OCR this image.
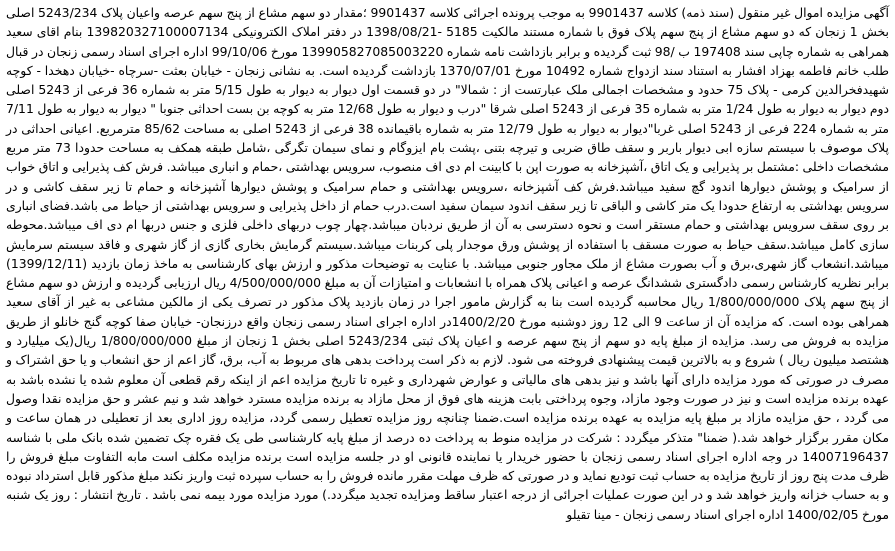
آگهی مزایده اموال غیر منقول (سند ذمه) کلاسه 9901437 به موجب پرونده اجرائی کلاسه 9901437 ؛مقدار دو سهم مشاع از پنج سهم عرصه واعیان پلاک 5243/234 اصلی بخش 1 زنجان که دو سهم مشاع از پنج سهم پلاک فوق با شماره مستند مالکیت 5185 -1398/08/21 در دفتر املاک الکترونیکی 139820327100007134 بنام اقای سعید همراهی به شماره چاپی سند 197408 ب /98 ثبت گردیده و برابر بازداشت نامه شماره 139905827085003220 مورخ 99/10/06 اداره اجرای اسناد رسمی زنجان در قبال طلب خانم فاطمه بهزاد افشار به استناد سند ازدواج شماره 10492 مورخ 1370/07/01 بازداشت گردیده است. به نشانی زنجان - خیابان بعثت -سرچاه -خیابان دهخدا - کوچه شهیدفخرالدین کرمی - پلاک 75 حدود و مشخصات اجمالی ملک عبارتست از : شمالا" در دو قسمت اول دیوار به دیوار به طول 5/15 متر به شماره 36 فرعی از 5243 اصلی دوم دیوار به دیوار به طول 1/24 متر به شماره 35 فرعی از 5243 اصلی شرقا "درب و دیوار به طول 12/68 متر به کوچه بن بست احداثی جنوبا " دیوار به دیوار به طول 7/11 متر به شماره 224 فرعی از 5243 اصلی غربا"دیوار به دیوار به طول 12/79 متر به شماره باقیمانده 38 فرعی از 5243 اصلی به مساحت 85/62 مترمربع. اعیانی احداثی در پلاک موصوف با سیستم سازه ابی دیوار باربر و سقف طاق ضربی و تیرچه بتنی ،پشت بام ایزوگام و نمای سیمان تگرگی ،شامل طبقه همکف به مساحت حدودا 73 متر مربع مشخصات داخلی :مشتمل بر پذیرایی و یک اتاق ،آشپزخانه به صورت اپن با کابینت ام دی اف منصوب، سرویس بهداشتی ،حمام و انباری میباشد. فرش کف پذیرایی و اتاق خواب از سرامیک و پوشش دیوارها اندود گچ سفید میباشد.فرش کف آشپزخانه ،سرویس بهداشتی و حمام سرامیک و پوشش دیوارها آشپزخانه و حمام تا زیر سقف کاشی و در سرویس بهداشتی به ارتفاع حدودا یک متر کاشی و الباقی تا زیر سقف اندود سیمان سفید است.درب حمام از داخل پذیرایی و سرویس بهداشتی از حیاط می باشد.فضای انباری بر روی سقف سرویس بهداشتی و حمام مستقر است و نحوه دسترسی به آن از طریق نردبان میباشد.چهار چوب دربهای داخلی فلزی و جنس دربها ام دی اف میباشد.محوطه سازی کامل میباشد.سقف حیاط به صورت مسقف با استفاده از پوشش ورق موجدار پلی کربنات میباشد.سیستم گرمایش بخاری گازی از گاز شهری و فاقد سیستم سرمایش میباشد.انشعاب گاز شهری،برق و آب بصورت مشاع از ملک مجاور جنوبی میباشد. با عنایت به توضیحات مذکور و ارزش بهای کارشناسی به ماخذ زمان بازدید (1399/12/11) برابر نظریه کارشناس رسمی دادگستری ششدانگ عرصه و اعیانی پلاک همراه با انشعابات و امتیازات آن به مبلغ 4/500/000/000 ریال ارزیابی گردیده و ارزش دو سهم مشاع از پنج سهم پلاک 1/800/000/000 ریال محاسبه گردیده است بنا به گزارش مامور اجرا در زمان بازدید پلاک مذکور در تصرف یکی از مالکین مشاعی به غیر از آقای سعید همراهی بوده است. که مزایده آن از ساعت 9 الی 12 روز دوشنبه مورخ 1400/2/20در اداره اجرای اسناد رسمی زنجان واقع درزنجان- خیابان صفا کوچه گنج خانلو از طریق مزایده به فروش می رسد. مزایده از مبلغ پایه دو سهم از پنج سهم عرصه و اعیان پلاک ثبتی 5243/234 اصلی بخش 1 زنجان از مبلغ 1/800/000/000 ریال(یک میلیارد و هشتصد میلیون ریال ) شروع و به بالاترین قیمت پیشنهادی فروخته می شود. لازم به ذکر است پرداخت بدهی های مربوط به آب، برق، گاز اعم از حق انشعاب و یا حق اشتراک و مصرف در صورتی که مورد مزایده دارای آنها باشد و نیز بدهی های مالیاتی و عوارض شهرداری و غیره تا تاریخ مزایده اعم از اینکه رقم قطعی آن معلوم شده یا نشده باشد به عهده برنده مزایده است و نیز در صورت وجود مازاد، وجوه پرداختی بابت هزینه های فوق از محل مازاد به برنده مزایده مسترد خواهد شد و نیم عشر و حق مزایده نقدا وصول می گردد ، حق مزایده مازاد بر مبلغ پایه مزایده به عهده برنده مزایده است.ضمنا چنانچه روز مزایده تعطیل رسمی گردد، مزایده روز اداری بعد از تعطیلی در همان ساعت و مکان مقرر برگزار خواهد شد.( ضمنا" متذکر میگردد : شرکت در مزایده منوط به پرداخت ده درصد از مبلغ پایه کارشناسی طی یک فقره چک تضمین شده بانک ملی با شناسه 14007196437 در وجه اداره اجرای اسناد رسمی زنجان با حضور خریدار یا نماینده قانونی او در جلسه مزایده است برنده مزایده مکلف است مابه التفاوت مبلغ فروش را ظرف مدت پنج روز از تاریخ مزایده به حساب ثبت تودیع نماید و در صورتی که ظرف مهلت مقرر مانده فروش را به حساب سپرده ثبت واریز نکند مبلغ مذکور قابل استرداد نبوده و به حساب خزانه واریز خواهد شد و در این صورت عملیات اجرائی از درجه اعتبار ساقط ومزایده تجدید میگردد.) مورد مزایده مورد بیمه نمی باشد . تاریخ انتشار : روز یک شنبه مورخ 1400/02/05 اداره اجرای اسناد رسمی زنجان - مینا تقیلو
